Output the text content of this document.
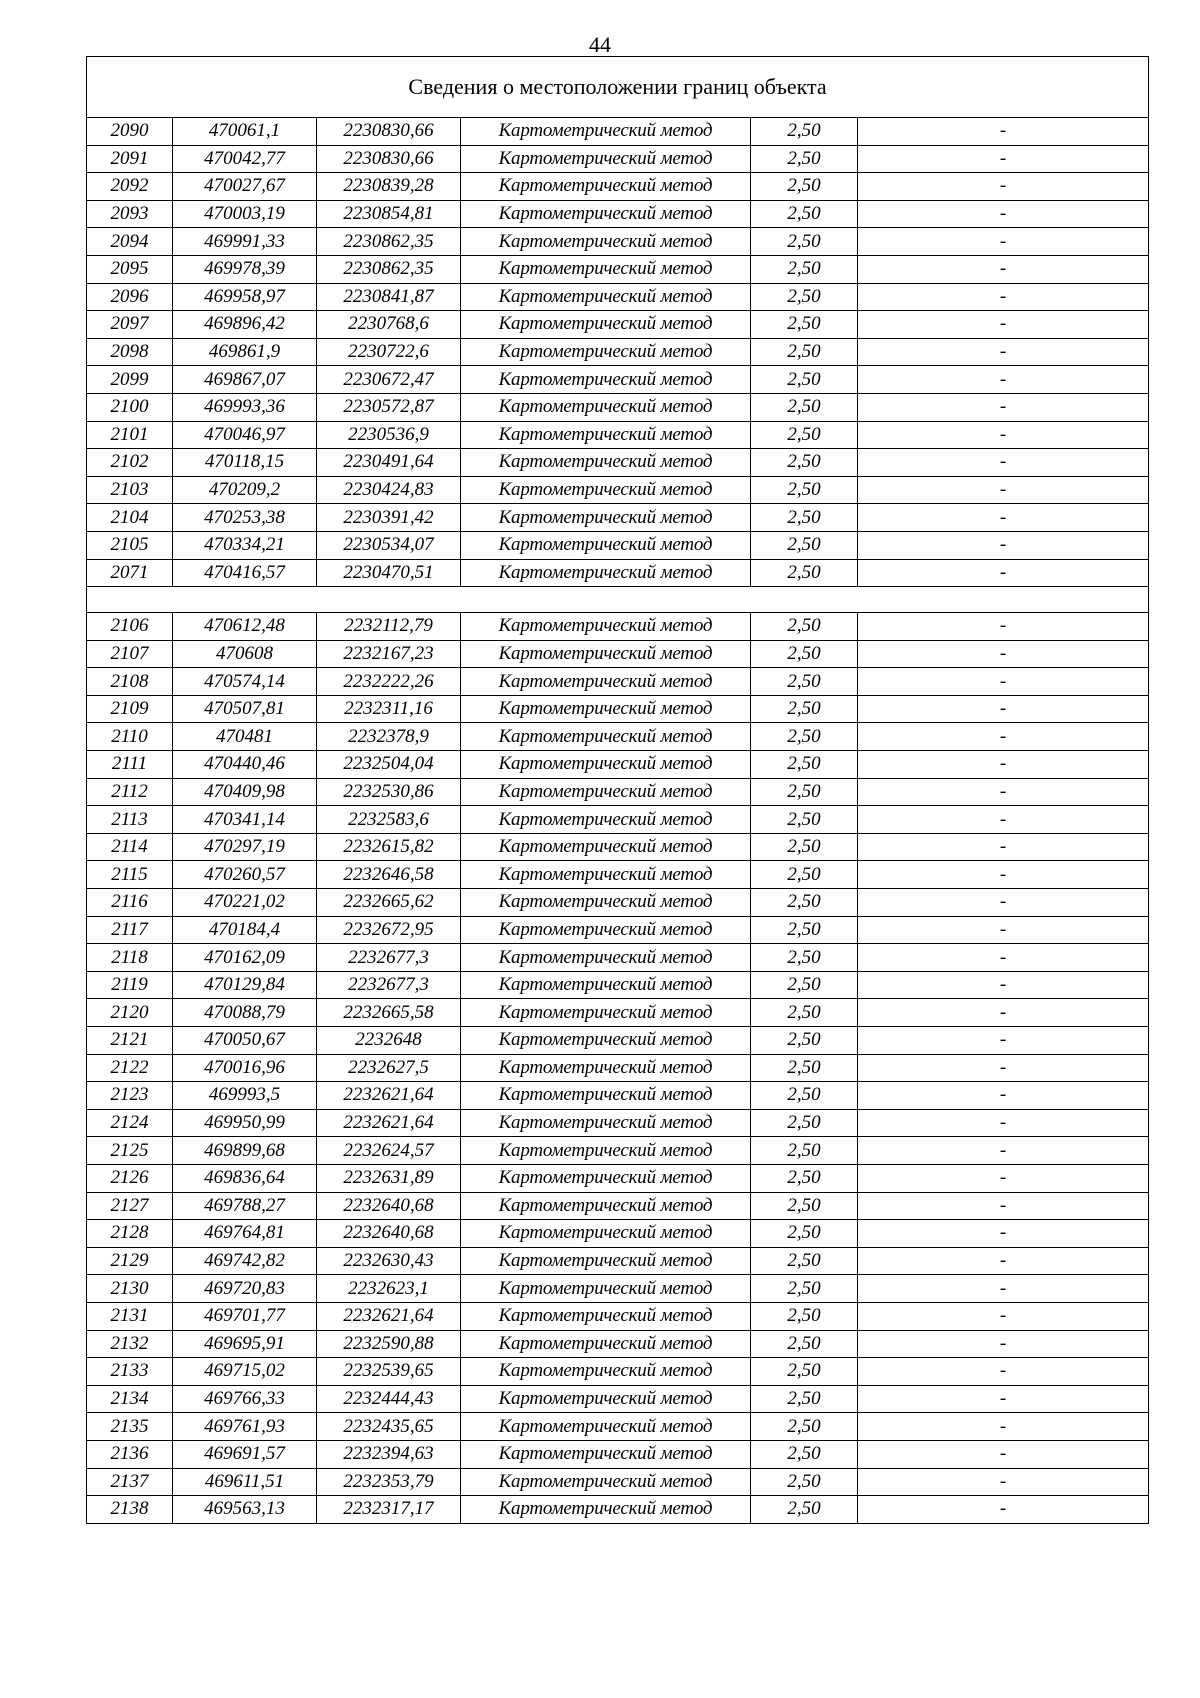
44
Сведения о местоположении границ объекта					
2090	470061,1	2230830,66	Картометрический метод	2,50	-
2091	470042,77	2230830,66	Картометрический метод	2,50	-
2092	470027,67	2230839,28	Картометрический метод	2,50	-
2093	470003,19	2230854,81	Картометрический метод	2,50	-
2094	469991,33	2230862,35	Картометрический метод	2,50	-
2095	469978,39	2230862,35	Картометрический метод	2,50	-
2096	469958,97	2230841,87	Картометрический метод	2,50	-
2097	469896,42	2230768,6	Картометрический метод	2,50	-
2098	469861,9	2230722,6	Картометрический метод	2,50	-
2099	469867,07	2230672,47	Картометрический метод	2,50	-
2100	469993,36	2230572,87	Картометрический метод	2,50	-
2101	470046,97	2230536,9	Картометрический метод	2,50	-
2102	470118,15	2230491,64	Картометрический метод	2,50	-
2103	470209,2	2230424,83	Картометрический метод	2,50	-
2104	470253,38	2230391,42	Картометрический метод	2,50	-
2105	470334,21	2230534,07	Картометрический метод	2,50	-
2071	470416,57	2230470,51	Картометрический метод	2,50	-

2106	470612,48	2232112,79	Картометрический метод	2,50	-
2107	470608	2232167,23	Картометрический метод	2,50	-
2108	470574,14	2232222,26	Картометрический метод	2,50	-
2109	470507,81	2232311,16	Картометрический метод	2,50	-
2110	470481	2232378,9	Картометрический метод	2,50	-
2111	470440,46	2232504,04	Картометрический метод	2,50	-
2112	470409,98	2232530,86	Картометрический метод	2,50	-
2113	470341,14	2232583,6	Картометрический метод	2,50	-
2114	470297,19	2232615,82	Картометрический метод	2,50	-
2115	470260,57	2232646,58	Картометрический метод	2,50	-
2116	470221,02	2232665,62	Картометрический метод	2,50	-
2117	470184,4	2232672,95	Картометрический метод	2,50	-
2118	470162,09	2232677,3	Картометрический метод	2,50	-
2119	470129,84	2232677,3	Картометрический метод	2,50	-
2120	470088,79	2232665,58	Картометрический метод	2,50	-
2121	470050,67	2232648	Картометрический метод	2,50	-
2122	470016,96	2232627,5	Картометрический метод	2,50	-
2123	469993,5	2232621,64	Картометрический метод	2,50	-
2124	469950,99	2232621,64	Картометрический метод	2,50	-
2125	469899,68	2232624,57	Картометрический метод	2,50	-
2126	469836,64	2232631,89	Картометрический метод	2,50	-
2127	469788,27	2232640,68	Картометрический метод	2,50	-
2128	469764,81	2232640,68	Картометрический метод	2,50	-
2129	469742,82	2232630,43	Картометрический метод	2,50	-
2130	469720,83	2232623,1	Картометрический метод	2,50	-
2131	469701,77	2232621,64	Картометрический метод	2,50	-
2132	469695,91	2232590,88	Картометрический метод	2,50	-
2133	469715,02	2232539,65	Картометрический метод	2,50	-
2134	469766,33	2232444,43	Картометрический метод	2,50	-
2135	469761,93	2232435,65	Картометрический метод	2,50	-
2136	469691,57	2232394,63	Картометрический метод	2,50	-
2137	469611,51	2232353,79	Картометрический метод	2,50	-
2138	469563,13	2232317,17	Картометрический метод	2,50	-
